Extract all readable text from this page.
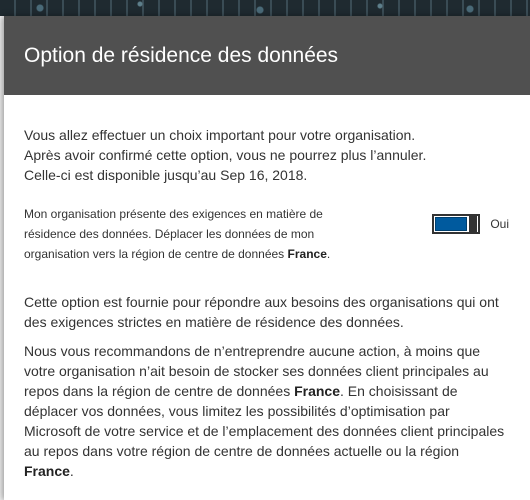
Option de résidence des données

Vous allez effectuer un choix important pour votre organisation.
Après avoir confirmé cette option, vous ne pourrez plus l’annuler.
Celle-ci est disponible jusqu’au Sep 16, 2018.

Mon organisation présente des exigences en matière de résidence des données. Déplacer les données de mon organisation vers la région de centre de données France.

Oui

Cette option est fournie pour répondre aux besoins des organisations qui ont des exigences strictes en matière de résidence des données.

Nous vous recommandons de n’entreprendre aucune action, à moins que votre organisation n’ait besoin de stocker ses données client principales au repos dans la région de centre de données France. En choisissant de déplacer vos données, vous limitez les possibilités d’optimisation par Microsoft de votre service et de l’emplacement des données client principales au repos dans votre région de centre de données actuelle ou la région France.
